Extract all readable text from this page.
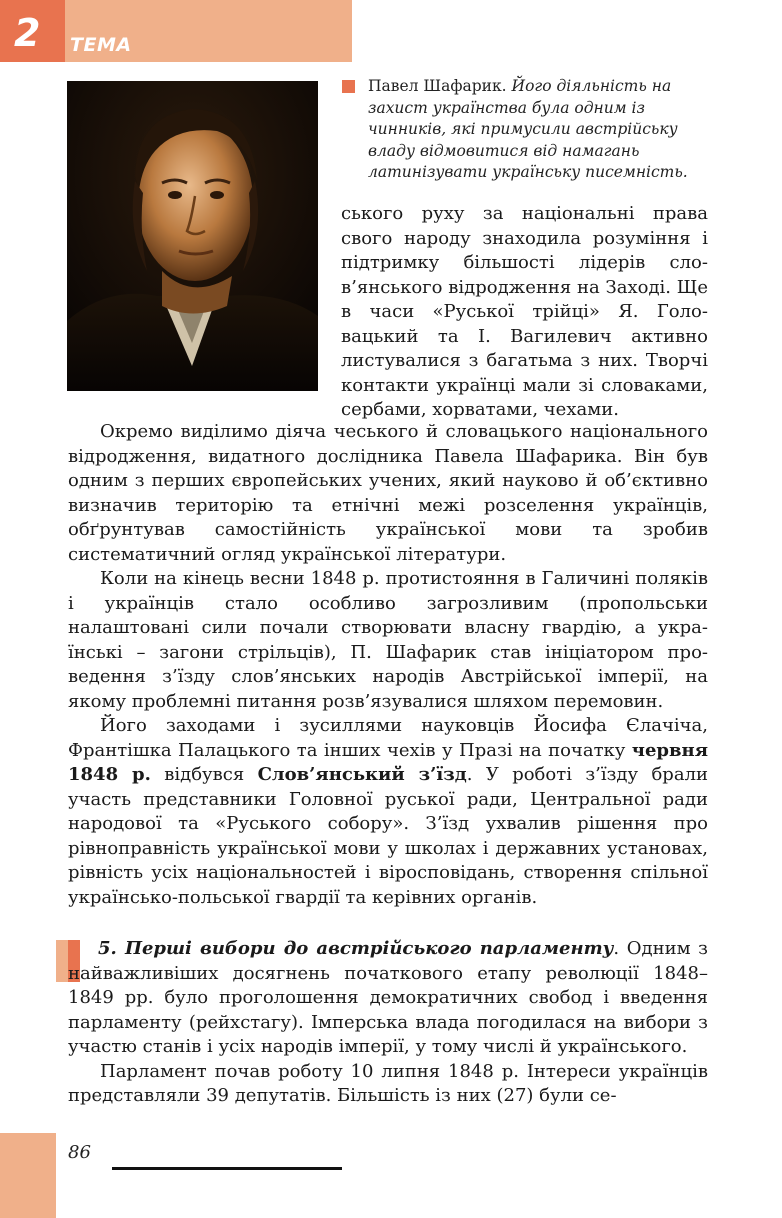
2 ТЕМА

Павел Шафарик. Його діяльність на захист українства була одним із чинників, які примусили австрійську владу відмовитися від намагань латинізувати українську писемність.

ського руху за національні права свого народу знаходила розуміння і підтримку більшості лідерів слов’янського відродження на Заході. Ще в часи «Руської трійці» Я. Головацький та І. Вагилевич активно листувалися з багатьма з них. Творчі контакти українці мали зі словаками, сербами, хорватами, чехами.

Окремо виділимо діяча чеського й словацького національного відродження, видатного дослідника Павела Шафарика. Він був одним з перших європейських учених, який науково й об’єктивно визначив територію та етнічні межі розселення українців, обґрунтував самостійність української мови та зробив систематичний огляд української літератури.

Коли на кінець весни 1848 р. протистояння в Галичині поляків і українців стало особливо загрозливим (пропольськи налаштовані сили почали створювати власну гвардію, а українські – загони стрільців), П. Шафарик став ініціатором проведення з’їзду слов’янських народів Австрійської імперії, на якому проблемні питання розв’язувалися шляхом перемовин.

Його заходами і зусиллями науковців Йосифа Єлачіча, Франтішка Палацького та інших чехів у Празі на початку червня 1848 р. відбувся Слов’янський з’їзд. У роботі з’їзду брали участь представники Головної руської ради, Центральної ради народової та «Руського собору». З’їзд ухвалив рішення про рівноправність української мови у школах і державних установах, рівність усіх національностей і віросповідань, створення спільної українсько-польської гвардії та керівних органів.

5. Перші вибори до австрійського парламенту. Одним з найважливіших досягнень початкового етапу революції 1848–1849 рр. було проголошення демократичних свобод і введення парламенту (рейхстагу). Імперська влада погодилася на вибори з участю станів і усіх народів імперії, у тому числі й українського.

Парламент почав роботу 10 липня 1848 р. Інтереси українців представляли 39 депутатів. Більшість із них (27) були се-

86
